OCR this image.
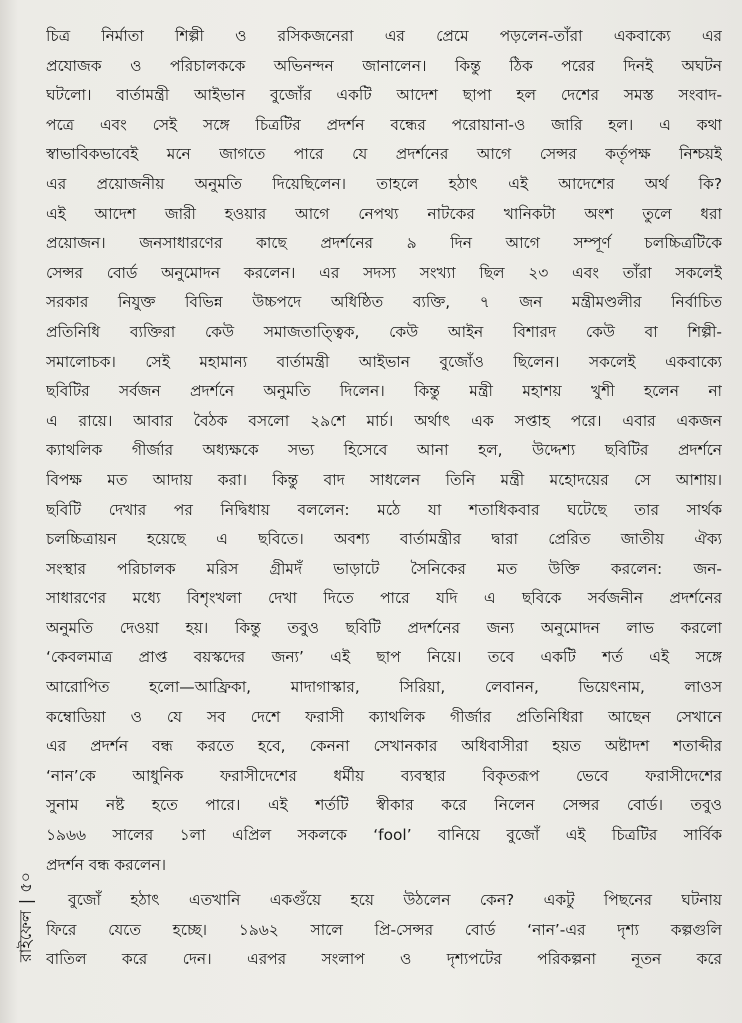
রাইফেল|৫০
চিত্র নির্মাতা শিল্পী ও রসিকজনেরা এর প্রেমে পড়লেন-তাঁরা একবাক্যে এর
প্রযোজক ও পরিচালককে অভিনন্দন জানালেন। কিন্তু ঠিক পরের দিনই অঘটন
ঘটলো। বার্তামন্ত্রী আইভান বুজোঁর একটি আদেশ ছাপা হল দেশের সমস্ত সংবাদ-
পত্রে এবং সেই সঙ্গে চিত্রটির প্রদর্শন বন্ধের পরোয়ানা-ও জারি হল। এ কথা
স্বাভাবিকভাবেই মনে জাগতে পারে যে প্রদর্শনের আগে সেন্সর কর্তৃপক্ষ নিশ্চয়ই
এর প্রয়োজনীয় অনুমতি দিয়েছিলেন। তাহলে হঠাৎ এই আদেশের অর্থ কি?
এই আদেশ জারী হওয়ার আগে নেপথ্য নাটকের খানিকটা অংশ তুলে ধরা
প্রয়োজন। জনসাধারণের কাছে প্রদর্শনের ৯ দিন আগে সম্পূর্ণ চলচ্চিত্রটিকে
সেন্সর বোর্ড অনুমোদন করলেন। এর সদস্য সংখ্যা ছিল ২৩ এবং তাঁরা সকলেই
সরকার নিযুক্ত বিভিন্ন উচ্চপদে অধিষ্ঠিত ব্যক্তি, ৭ জন মন্ত্রীমণ্ডলীর নির্বাচিত
প্রতিনিধি ব্যক্তিরা কেউ সমাজতাত্ত্বিক, কেউ আইন বিশারদ কেউ বা শিল্পী-
সমালোচক। সেই মহামান্য বার্তামন্ত্রী আইভান বুজোঁও ছিলেন। সকলেই একবাক্যে
ছবিটির সর্বজন প্রদর্শনে অনুমতি দিলেন। কিন্তু মন্ত্রী মহাশয় খুশী হলেন না
এ রায়ে। আবার বৈঠক বসলো ২৯শে মার্চ। অর্থাৎ এক সপ্তাহ পরে। এবার একজন
ক্যাথলিক গীর্জার অধ্যক্ষকে সভ্য হিসেবে আনা হল, উদ্দেশ্য ছবিটির প্রদর্শনে
বিপক্ষ মত আদায় করা। কিন্তু বাদ সাধলেন তিনি মন্ত্রী মহোদয়ের সে আশায়।
ছবিটি দেখার পর নিদ্বিধায় বললেন: মঠে যা শতাধিকবার ঘটেছে তার সার্থক
চলচ্চিত্রায়ন হয়েছে এ ছবিতে। অবশ্য বার্তামন্ত্রীর দ্বারা প্রেরিত জাতীয় ঐক্য
সংস্থার পরিচালক মরিস গ্রীমদঁ ভাড়াটে সৈনিকের মত উক্তি করলেন: জন-
সাধারণের মধ্যে বিশৃংখলা দেখা দিতে পারে যদি এ ছবিকে সর্বজনীন প্রদর্শনের
অনুমতি দেওয়া হয়। কিন্তু তবুও ছবিটি প্রদর্শনের জন্য অনুমোদন লাভ করলো
‘কেবলমাত্র প্রাপ্ত বয়স্কদের জন্য’ এই ছাপ নিয়ে। তবে একটি শর্ত এই সঙ্গে
আরোপিত হলো—আফ্রিকা, মাদাগাস্কার, সিরিয়া, লেবানন, ভিয়েৎনাম, লাওস
কম্বোডিয়া ও যে সব দেশে ফরাসী ক্যাথলিক গীর্জার প্রতিনিধিরা আছেন সেখানে
এর প্রদর্শন বন্ধ করতে হবে, কেননা সেখানকার অধিবাসীরা হয়ত অষ্টাদশ শতাব্দীর
‘নান’কে আধুনিক ফরাসীদেশের ধর্মীয় ব্যবস্থার বিকৃতরূপ ভেবে ফরাসীদেশের
সুনাম নষ্ট হতে পারে। এই শর্তটি স্বীকার করে নিলেন সেন্সর বোর্ড। তবুও
১৯৬৬ সালের ১লা এপ্রিল সকলকে ‘fool’ বানিয়ে বুজোঁ এই চিত্রটির সার্বিক
প্রদর্শন বন্ধ করলেন।
বুজোঁ হঠাৎ এতখানি একগুঁয়ে হয়ে উঠলেন কেন? একটু পিছনের ঘটনায়
ফিরে যেতে হচ্ছে। ১৯৬২ সালে প্রি-সেন্সর বোর্ড ‘নান’-এর দৃশ্য কল্পগুলি
বাতিল করে দেন। এরপর সংলাপ ও দৃশ্যপটের পরিকল্পনা নূতন করে
